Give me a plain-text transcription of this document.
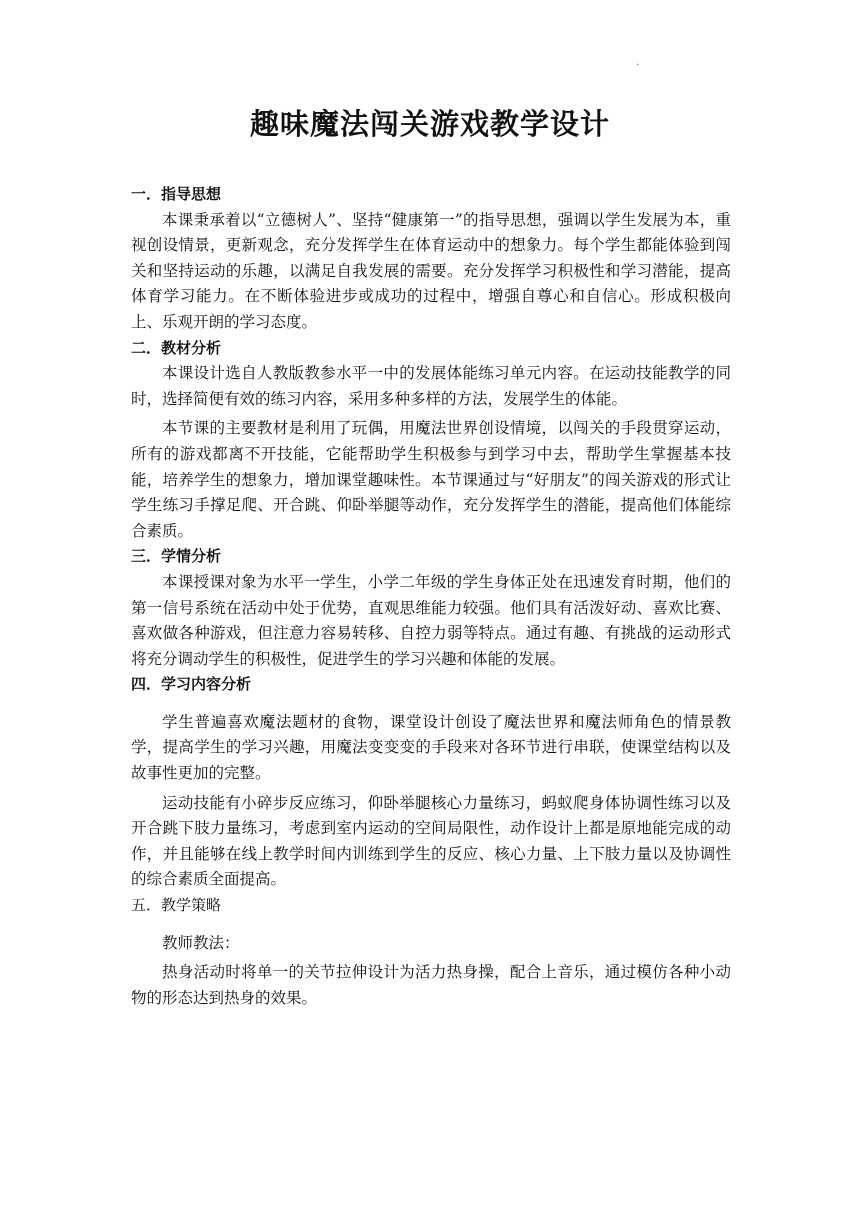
.
趣味魔法闯关游戏教学设计

一．指导思想

本课秉承着以“立德树人”、坚持“健康第一”的指导思想，强调以学生发展为本，重视创设情景，更新观念，充分发挥学生在体育运动中的想象力。每个学生都能体验到闯关和坚持运动的乐趣，以满足自我发展的需要。充分发挥学习积极性和学习潜能，提高体育学习能力。在不断体验进步或成功的过程中，增强自尊心和自信心。形成积极向上、乐观开朗的学习态度。

二．教材分析

本课设计选自人教版教参水平一中的发展体能练习单元内容。在运动技能教学的同时，选择简便有效的练习内容，采用多种多样的方法，发展学生的体能。

本节课的主要教材是利用了玩偶，用魔法世界创设情境，以闯关的手段贯穿运动，所有的游戏都离不开技能，它能帮助学生积极参与到学习中去，帮助学生掌握基本技能，培养学生的想象力，增加课堂趣味性。本节课通过与“好朋友”的闯关游戏的形式让学生练习手撑足爬、开合跳、仰卧举腿等动作，充分发挥学生的潜能，提高他们体能综合素质。

三．学情分析

本课授课对象为水平一学生，小学二年级的学生身体正处在迅速发育时期，他们的第一信号系统在活动中处于优势，直观思维能力较强。他们具有活泼好动、喜欢比赛、喜欢做各种游戏，但注意力容易转移、自控力弱等特点。通过有趣、有挑战的运动形式将充分调动学生的积极性，促进学生的学习兴趣和体能的发展。

四．学习内容分析

学生普遍喜欢魔法题材的食物，课堂设计创设了魔法世界和魔法师角色的情景教学，提高学生的学习兴趣，用魔法变变变的手段来对各环节进行串联，使课堂结构以及故事性更加的完整。

运动技能有小碎步反应练习，仰卧举腿核心力量练习，蚂蚁爬身体协调性练习以及开合跳下肢力量练习，考虑到室内运动的空间局限性，动作设计上都是原地能完成的动作，并且能够在线上教学时间内训练到学生的反应、核心力量、上下肢力量以及协调性的综合素质全面提高。

五．教学策略

教师教法：

热身活动时将单一的关节拉伸设计为活力热身操，配合上音乐，通过模仿各种小动物的形态达到热身的效果。
